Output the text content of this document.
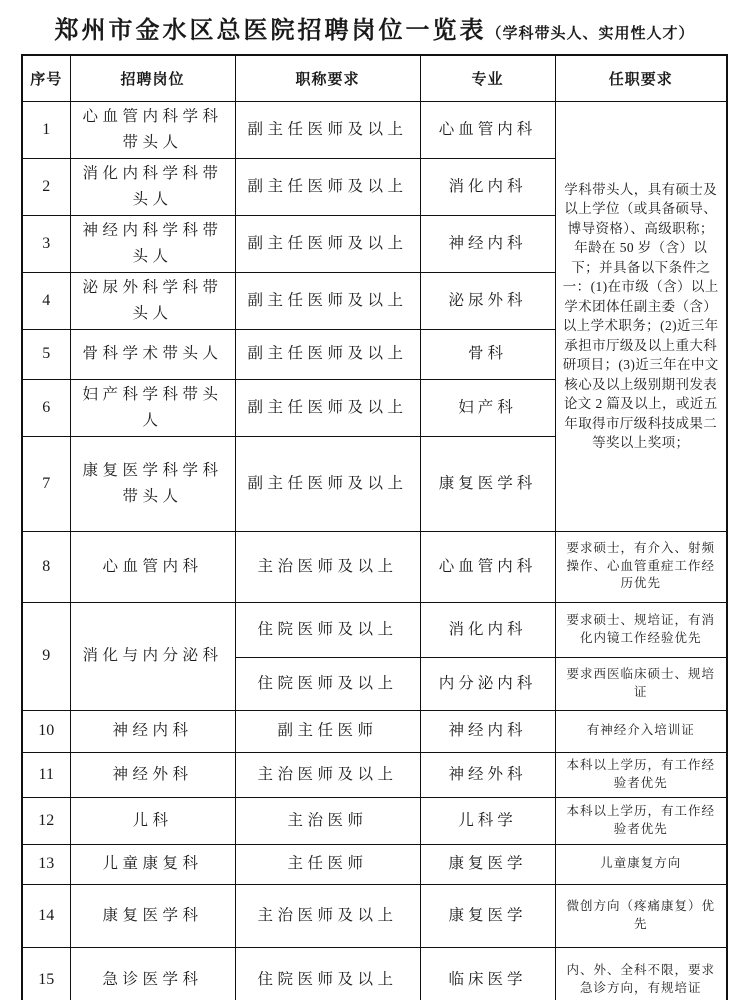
郑州市金水区总医院招聘岗位一览表（学科带头人、实用性人才）
序号	招聘岗位	职称要求	专业	任职要求
1	心血管内科学科带头人	副主任医师及以上	心血管内科	学科带头人，具有硕士及以上学位（或具备硕导、博导资格）、高级职称；年龄在 50 岁（含）以下；并具备以下条件之一：(1)在市级（含）以上学术团体任副主委（含）以上学术职务；(2)近三年承担市厅级及以上重大科研项目；(3)近三年在中文核心及以上级别期刊发表论文 2 篇及以上，或近五年取得市厅级科技成果二等奖以上奖项；
2	消化内科学科带头人	副主任医师及以上	消化内科	
3	神经内科学科带头人	副主任医师及以上	神经内科	
4	泌尿外科学科带头人	副主任医师及以上	泌尿外科	
5	骨科学术带头人	副主任医师及以上	骨科	
6	妇产科学科带头人	副主任医师及以上	妇产科	
7	康复医学科学科带头人	副主任医师及以上	康复医学科	
8	心血管内科	主治医师及以上	心血管内科	要求硕士，有介入、射频操作、心血管重症工作经历优先
9	消化与内分泌科	住院医师及以上	消化内科	要求硕士、规培证，有消化内镜工作经验优先
		住院医师及以上	内分泌内科	要求西医临床硕士、规培证
10	神经内科	副主任医师	神经内科	有神经介入培训证
11	神经外科	主治医师及以上	神经外科	本科以上学历，有工作经验者优先
12	儿科	主治医师	儿科学	本科以上学历，有工作经验者优先
13	儿童康复科	主任医师	康复医学	儿童康复方向
14	康复医学科	主治医师及以上	康复医学	微创方向（疼痛康复）优先
15	急诊医学科	住院医师及以上	临床医学	内、外、全科不限，要求急诊方向，有规培证
